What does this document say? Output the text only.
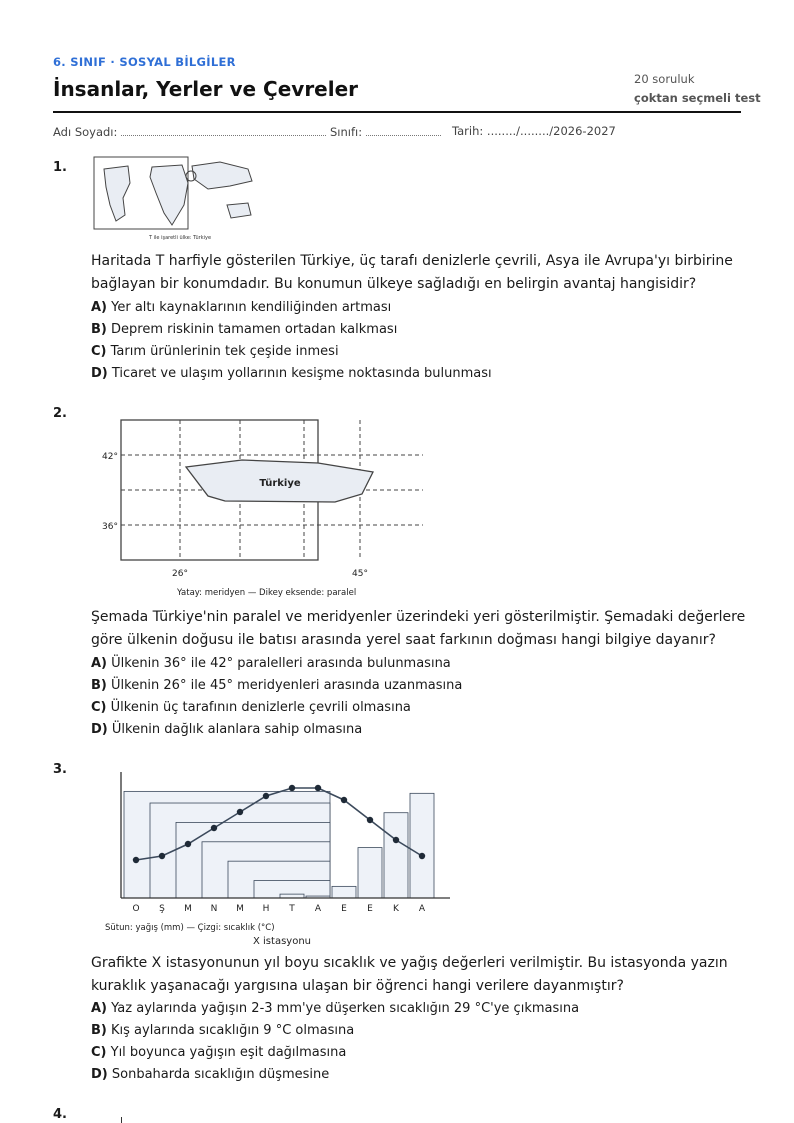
6. SINIF · SOSYAL BİLGİLER
İnsanlar, Yerler ve Çevreler	20 soruluk
çoktan seçmeli test
Adı Soyadı:	Sınıfı:	Tarih: ......../......../2026-2027
1.
T ile işaretli ülke: Türkiye
Haritada T harfiyle gösterilen Türkiye, üç tarafı denizlerle çevrili, Asya ile Avrupa'yı birbirine bağlayan bir konumdadır. Bu konumun ülkeye sağladığı en belirgin avantaj hangisidir?
A) Yer altı kaynaklarının kendiliğinden artması
B) Deprem riskinin tamamen ortadan kalkması
C) Tarım ürünlerinin tek çeşide inmesi
D) Ticaret ve ulaşım yollarının kesişme noktasında bulunması
2.
Türkiye
42°
36°
26°	45°
Yatay: meridyen — Dikey eksende: paralel
Şemada Türkiye'nin paralel ve meridyenler üzerindeki yeri gösterilmiştir. Şemadaki değerlere göre ülkenin doğusu ile batısı arasında yerel saat farkının doğması hangi bilgiye dayanır?
A) Ülkenin 36° ile 42° paralelleri arasında bulunmasına
B) Ülkenin 26° ile 45° meridyenleri arasında uzanmasına
C) Ülkenin üç tarafının denizlerle çevrili olmasına
D) Ülkenin dağlık alanlara sahip olmasına
3.
O Ş M N M H T A E E K A
Sütun: yağış (mm) — Çizgi: sıcaklık (°C)
X istasyonu
Grafikte X istasyonunun yıl boyu sıcaklık ve yağış değerleri verilmiştir. Bu istasyonda yazın kuraklık yaşanacağı yargısına ulaşan bir öğrenci hangi verilere dayanmıştır?
A) Yaz aylarında yağışın 2-3 mm'ye düşerken sıcaklığın 29 °C'ye çıkmasına
B) Kış aylarında sıcaklığın 9 °C olmasına
C) Yıl boyunca yağışın eşit dağılmasına
D) Sonbaharda sıcaklığın düşmesine
4.
